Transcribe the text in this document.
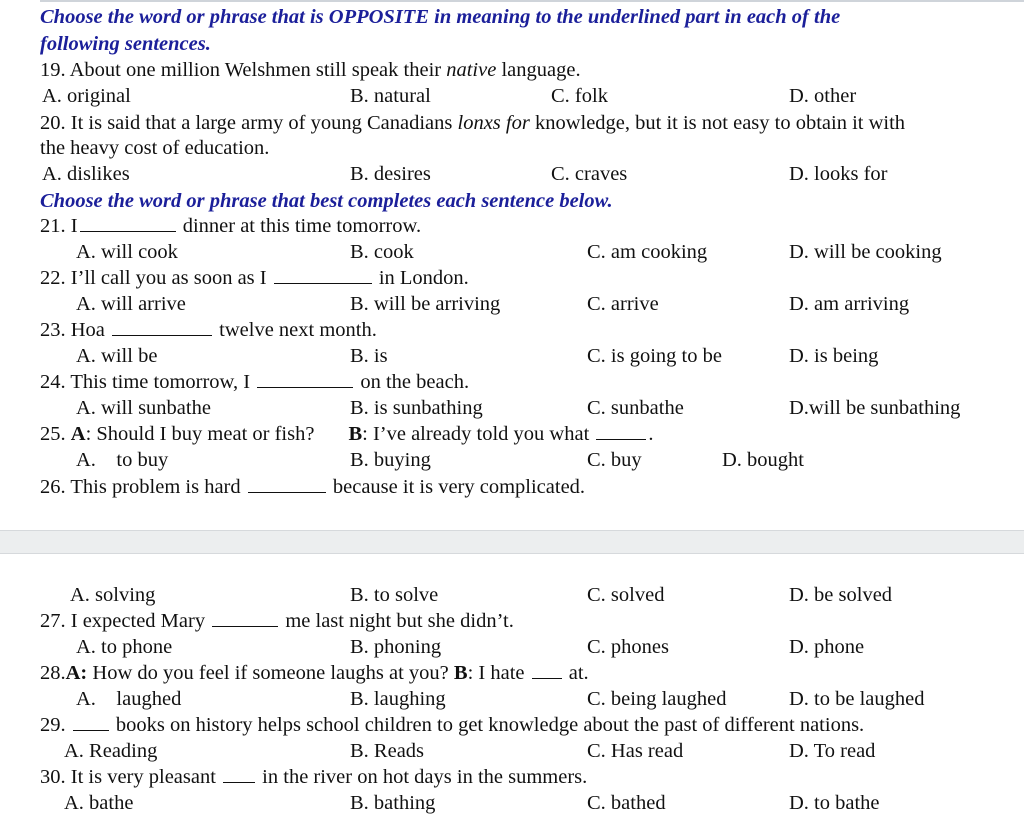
Choose the word or phrase that is OPPOSITE in meaning to the underlined part in each of the
following sentences.
19. About one million Welshmen still speak their native language.
A. original	B. natural	C. folk	D. other
20. It is said that a large army of young Canadians lonxs for knowledge, but it is not easy to obtain it with
the heavy cost of education.
A. dislikes	B. desires	C. craves	D. looks for
Choose the word or phrase that best completes each sentence below.
21. I	dinner at this time tomorrow.
A. will cook	B. cook	C. am cooking	D. will be cooking
22. I’ll call you as soon as I	in London.
A. will arrive	B. will be arriving	C. arrive	D. am arriving
23. Hoa	twelve next month.
A. will be	B. is	C. is going to be	D. is being
24. This time tomorrow, I	on the beach.
A. will sunbathe	B. is sunbathing	C. sunbathe	D.will be sunbathing
25. A: Should I buy meat or fish? B: I’ve already told you what	.
A.    to buy	B. buying	C. buy	D. bought
26. This problem is hard	because it is very complicated.
A. solving	B. to solve	C. solved	D. be solved
27. I expected Mary	me last night but she didn’t.
A. to phone	B. phoning	C. phones	D. phone
28.A: How do you feel if someone laughs at you? B: I hate at.
A.    laughed	B. laughing	C. being laughed	D. to be laughed
29. books on history helps school children to get knowledge about the past of different nations.
A. Reading	B. Reads	C. Has read	D. To read
30. It is very pleasant in the river on hot days in the summers.
A. bathe	B. bathing	C. bathed	D. to bathe
